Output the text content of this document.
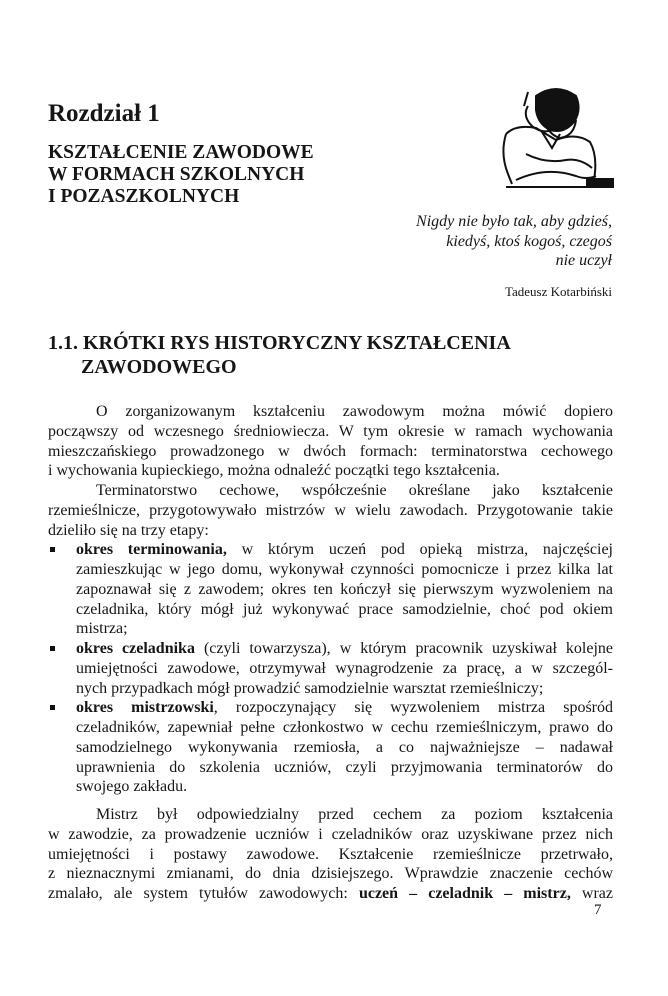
Rozdział 1
KSZTAŁCENIE ZAWODOWE
W FORMACH SZKOLNYCH
I POZASZKOLNYCH
Nigdy nie było tak, aby gdzieś,
kiedyś, ktoś kogoś, czegoś
nie uczył
Tadeusz Kotarbiński
1.1. KRÓTKI RYS HISTORYCZNY KSZTAŁCENIA
ZAWODOWEGO
O zorganizowanym kształceniu zawodowym można mówić dopiero
począwszy od wczesnego średniowiecza. W tym okresie w ramach wychowania
mieszczańskiego prowadzonego w dwóch formach: terminatorstwa cechowego
i wychowania kupieckiego, można odnaleźć początki tego kształcenia.
Terminatorstwo cechowe, współcześnie określane jako kształcenie
rzemieślnicze, przygotowywało mistrzów w wielu zawodach. Przygotowanie takie
dzieliło się na trzy etapy:
okres terminowania, w którym uczeń pod opieką mistrza, najczęściej
zamieszkując w jego domu, wykonywał czynności pomocnicze i przez kilka lat
zapoznawał się z zawodem; okres ten kończył się pierwszym wyzwoleniem na
czeladnika, który mógł już wykonywać prace samodzielnie, choć pod okiem
mistrza;
okres czeladnika (czyli towarzysza), w którym pracownik uzyskiwał kolejne
umiejętności zawodowe, otrzymywał wynagrodzenie za pracę, a w szczegól-
nych przypadkach mógł prowadzić samodzielnie warsztat rzemieślniczy;
okres mistrzowski, rozpoczynający się wyzwoleniem mistrza spośród
czeladników, zapewniał pełne członkostwo w cechu rzemieślniczym, prawo do
samodzielnego wykonywania rzemiosła, a co najważniejsze – nadawał
uprawnienia do szkolenia uczniów, czyli przyjmowania terminatorów do
swojego zakładu.
Mistrz był odpowiedzialny przed cechem za poziom kształcenia
w zawodzie, za prowadzenie uczniów i czeladników oraz uzyskiwane przez nich
umiejętności i postawy zawodowe. Kształcenie rzemieślnicze przetrwało,
z nieznacznymi zmianami, do dnia dzisiejszego. Wprawdzie znaczenie cechów
zmalało, ale system tytułów zawodowych: uczeń – czeladnik – mistrz, wraz
7
